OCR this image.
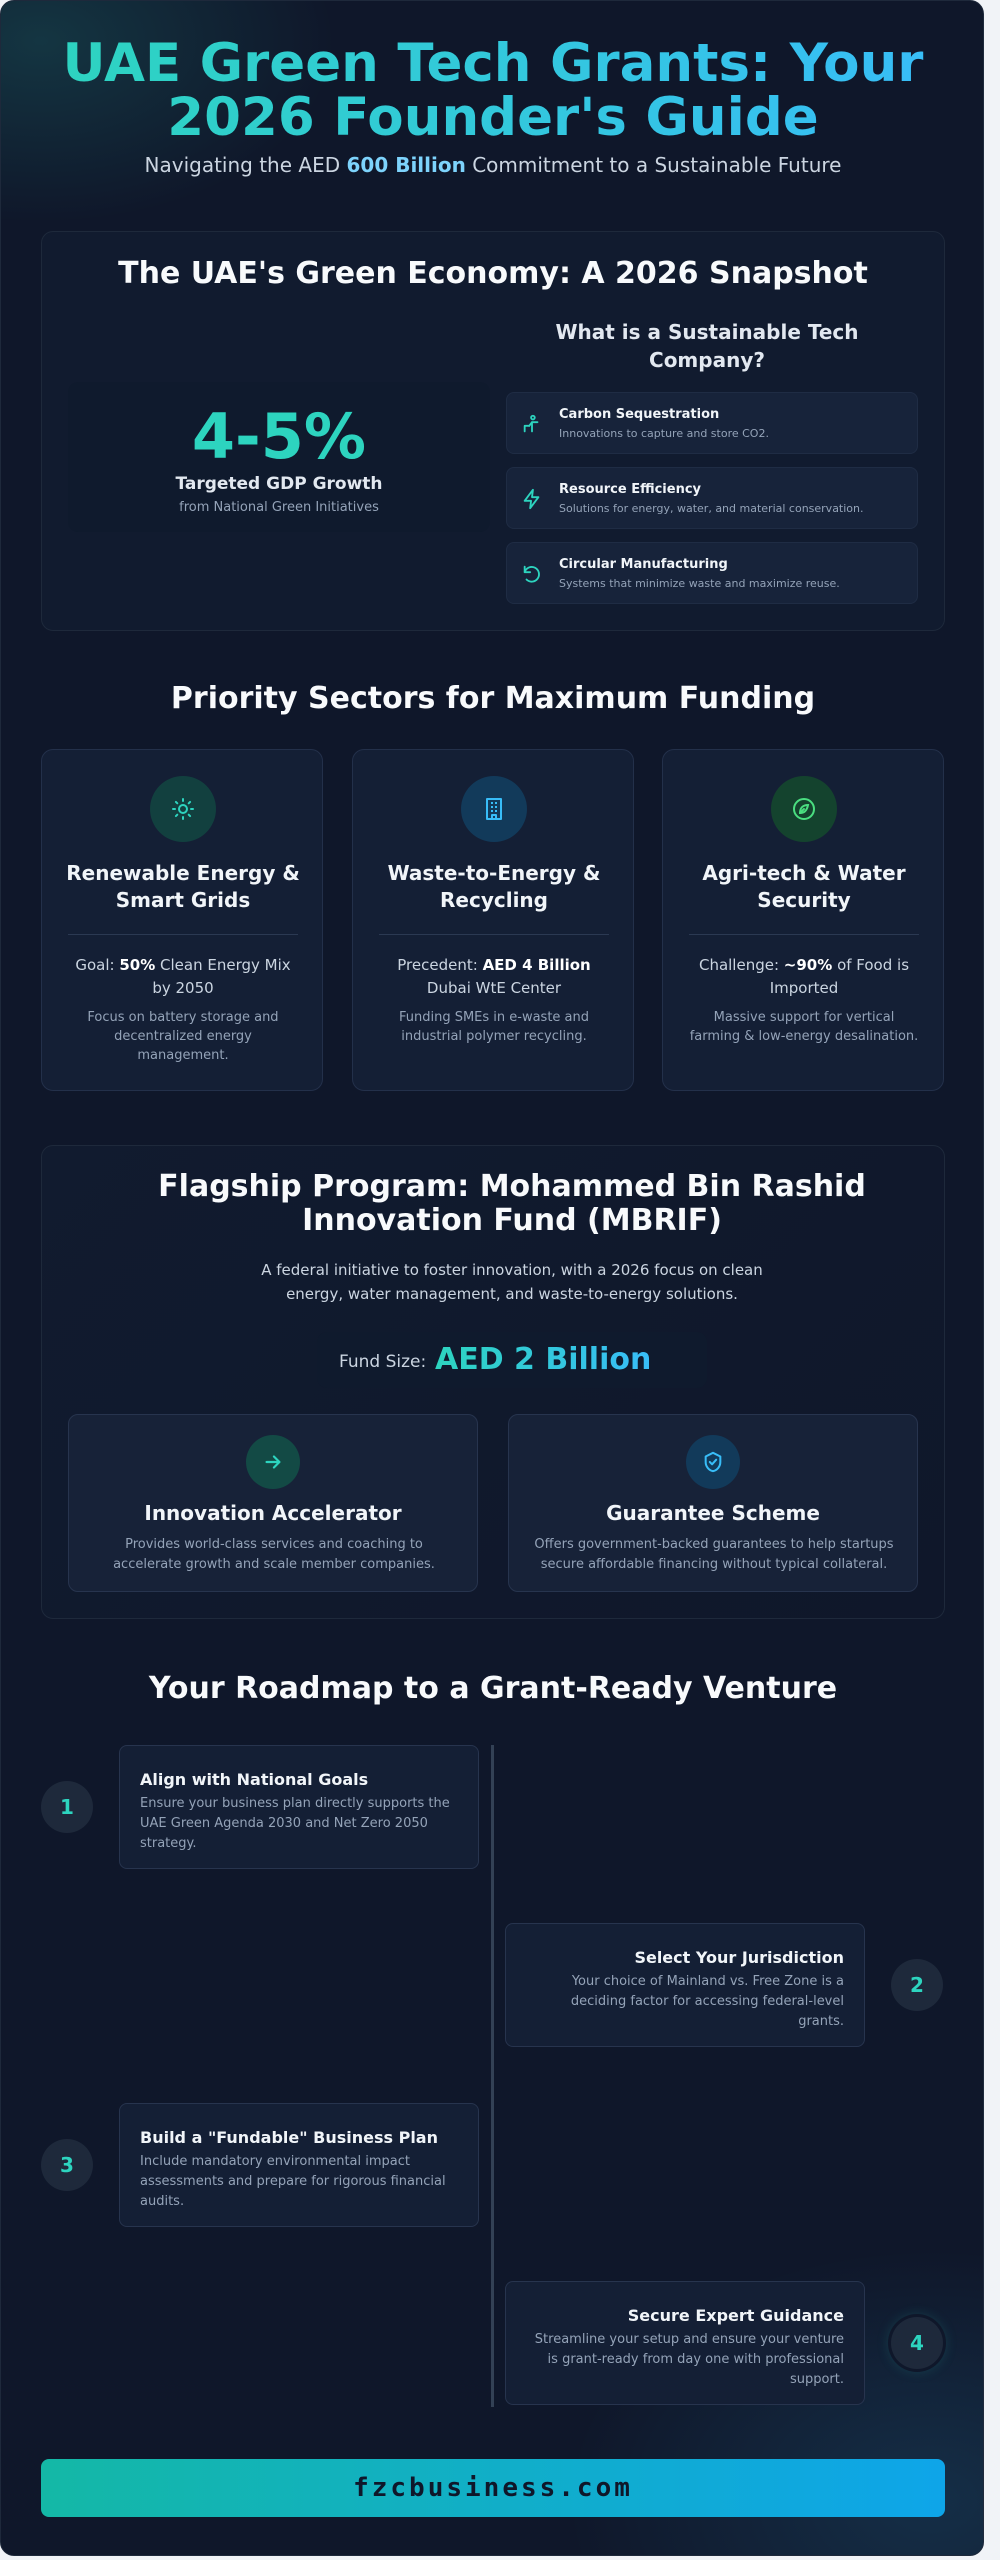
UAE Green Tech Grants: Your 2026 Founder's Guide
Navigating the AED 600 Billion Commitment to a Sustainable Future
The UAE's Green Economy: A 2026 Snapshot
4-5%
Targeted GDP Growth
from National Green Initiatives
What is a Sustainable Tech Company?
Carbon Sequestration
Innovations to capture and store CO2.
Resource Efficiency
Solutions for energy, water, and material conservation.
Circular Manufacturing
Systems that minimize waste and maximize reuse.
Priority Sectors for Maximum Funding
Renewable Energy & Smart Grids
Goal: 50% Clean Energy Mix by 2050
Focus on battery storage and decentralized energy management.
Waste-to-Energy & Recycling
Precedent: AED 4 Billion Dubai WtE Center
Funding SMEs in e-waste and industrial polymer recycling.
Agri-tech & Water Security
Challenge: ~90% of Food is Imported
Massive support for vertical farming & low-energy desalination.
Flagship Program: Mohammed Bin Rashid Innovation Fund (MBRIF)
A federal initiative to foster innovation, with a 2026 focus on clean energy, water management, and waste-to-energy solutions.
Fund Size: AED 2 Billion
Innovation Accelerator
Provides world-class services and coaching to accelerate growth and scale member companies.
Guarantee Scheme
Offers government-backed guarantees to help startups secure affordable financing without typical collateral.
Your Roadmap to a Grant-Ready Venture
1
Align with National Goals
Ensure your business plan directly supports the UAE Green Agenda 2030 and Net Zero 2050 strategy.
2
Select Your Jurisdiction
Your choice of Mainland vs. Free Zone is a deciding factor for accessing federal-level grants.
3
Build a "Fundable" Business Plan
Include mandatory environmental impact assessments and prepare for rigorous financial audits.
4
Secure Expert Guidance
Streamline your setup and ensure your venture is grant-ready from day one with professional support.
fzcbusiness.com
